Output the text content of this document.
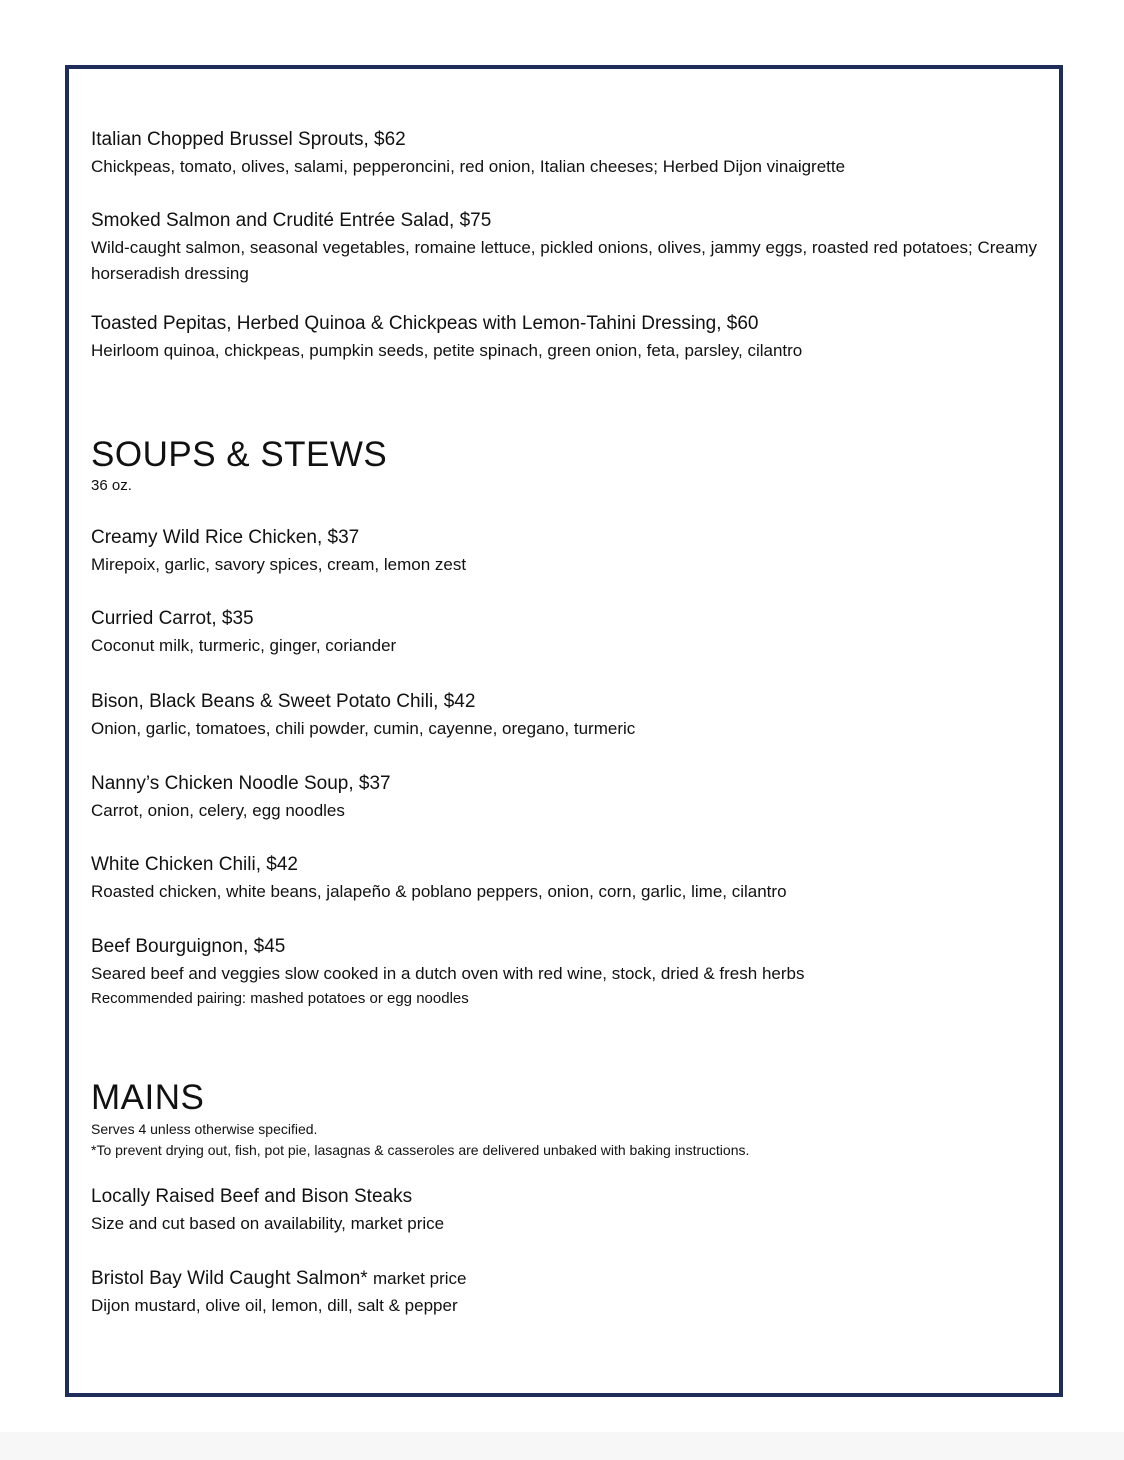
Italian Chopped Brussel Sprouts, $62
Chickpeas, tomato, olives, salami, pepperoncini, red onion, Italian cheeses; Herbed Dijon vinaigrette
Smoked Salmon and Crudité Entrée Salad, $75
Wild-caught salmon, seasonal vegetables, romaine lettuce, pickled onions, olives, jammy eggs, roasted red potatoes; Creamy horseradish dressing
Toasted Pepitas, Herbed Quinoa & Chickpeas with Lemon-Tahini Dressing, $60
Heirloom quinoa, chickpeas, pumpkin seeds, petite spinach, green onion, feta, parsley, cilantro
SOUPS & STEWS
36 oz.
Creamy Wild Rice Chicken, $37
Mirepoix, garlic, savory spices, cream, lemon zest
Curried Carrot, $35
Coconut milk, turmeric, ginger, coriander
Bison, Black Beans & Sweet Potato Chili, $42
Onion, garlic, tomatoes, chili powder, cumin, cayenne, oregano, turmeric
Nanny’s Chicken Noodle Soup, $37
Carrot, onion, celery, egg noodles
White Chicken Chili, $42
Roasted chicken, white beans, jalapeño & poblano peppers, onion, corn, garlic, lime, cilantro
Beef Bourguignon, $45
Seared beef and veggies slow cooked in a dutch oven with red wine, stock, dried & fresh herbs
Recommended pairing: mashed potatoes or egg noodles
MAINS
Serves 4 unless otherwise specified.
*To prevent drying out, fish, pot pie, lasagnas & casseroles are delivered unbaked with baking instructions.
Locally Raised Beef and Bison Steaks
Size and cut based on availability, market price
Bristol Bay Wild Caught Salmon* market price
Dijon mustard, olive oil, lemon, dill, salt & pepper
